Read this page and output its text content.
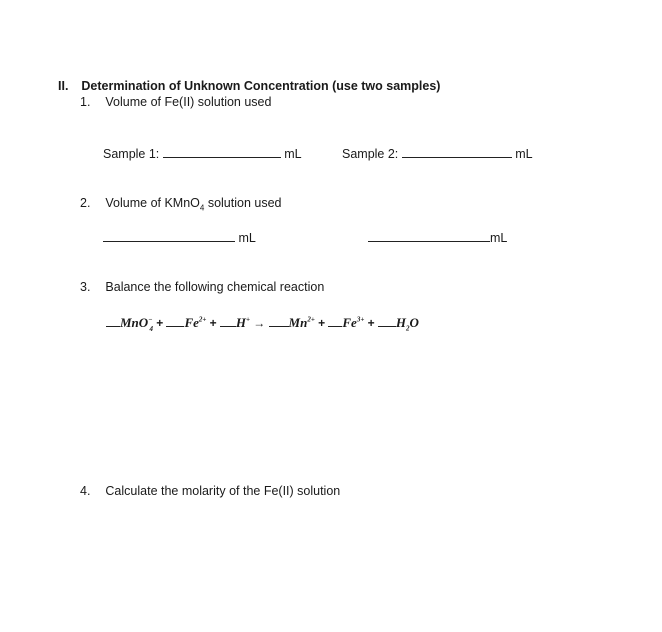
II. Determination of Unknown Concentration (use two samples)
1. Volume of Fe(II) solution used
Sample 1:	mL	Sample 2:	mL
2. Volume of KMnO$_4$ solution used
mL	mL
3. Balance the following chemical reaction
$MnO^-_4 + Fe^{2+} + H^+ \to Mn^{2+} + Fe^{3+} + H_2O$
4. Calculate the molarity of the Fe(II) solution
